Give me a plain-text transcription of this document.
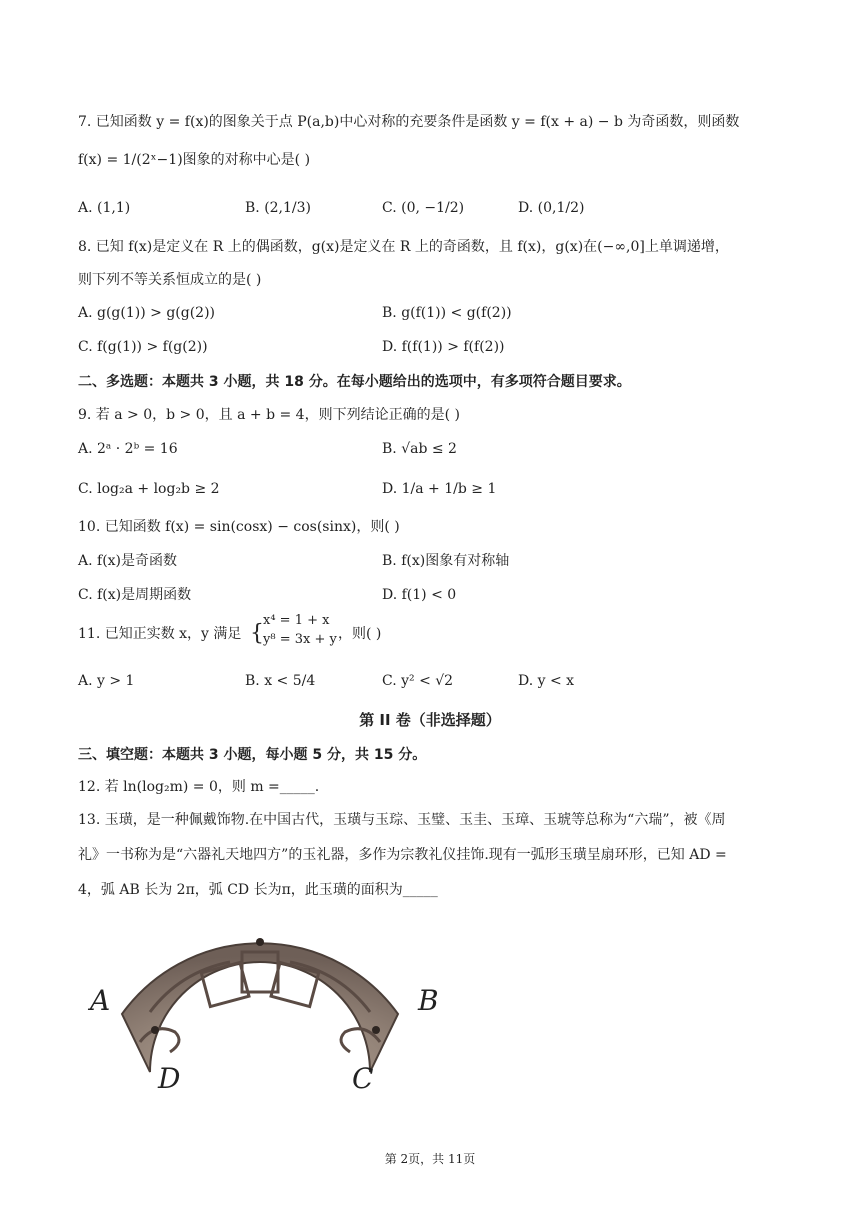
7. 已知函数 y = f(x)的图象关于点 P(a,b)中心对称的充要条件是函数 y = f(x + a) − b 为奇函数，则函数
f(x) = 1/(2ˣ−1)图象的对称中心是( )
A. (1,1)	B. (2,1/3)	C. (0, −1/2)	D. (0,1/2)
8. 已知 f(x)是定义在 R 上的偶函数，g(x)是定义在 R 上的奇函数，且 f(x)，g(x)在(−∞,0]上单调递增，
则下列不等关系恒成立的是( )
A. g(g(1)) > g(g(2))	B. g(f(1)) < g(f(2))
C. f(g(1)) > f(g(2))	D. f(f(1)) > f(f(2))
二、多选题：本题共 3 小题，共 18 分。在每小题给出的选项中，有多项符合题目要求。
9. 若 a > 0，b > 0，且 a + b = 4，则下列结论正确的是( )
A. 2ᵃ · 2ᵇ = 16	B. √ab ≤ 2
C. log₂a + log₂b ≥ 2	D. 1/a + 1/b ≥ 1
10. 已知函数 f(x) = sin(cosx) − cos(sinx)，则( )
A. f(x)是奇函数	B. f(x)图象有对称轴
C. f(x)是周期函数	D. f(1) < 0
11. 已知正实数 x，y 满足 {
x⁴ = 1 + x
y⁸ = 3x + y ，则( )
A. y > 1	B. x < 5/4	C. y² < √2	D. y < x
第 II 卷（非选择题）
三、填空题：本题共 3 小题，每小题 5 分，共 15 分。
12. 若 ln(log₂m) = 0，则 m =_____.
13. 玉璜，是一种佩戴饰物.在中国古代，玉璜与玉琮、玉璧、玉圭、玉璋、玉琥等总称为“六瑞”，被《周
礼》一书称为是“六器礼天地四方”的玉礼器，多作为宗教礼仪挂饰.现有一弧形玉璜呈扇环形，已知 AD =
4，弧 AB 长为 2π，弧 CD 长为π，此玉璜的面积为_____
A	B
C
D
第 2页，共 11页
